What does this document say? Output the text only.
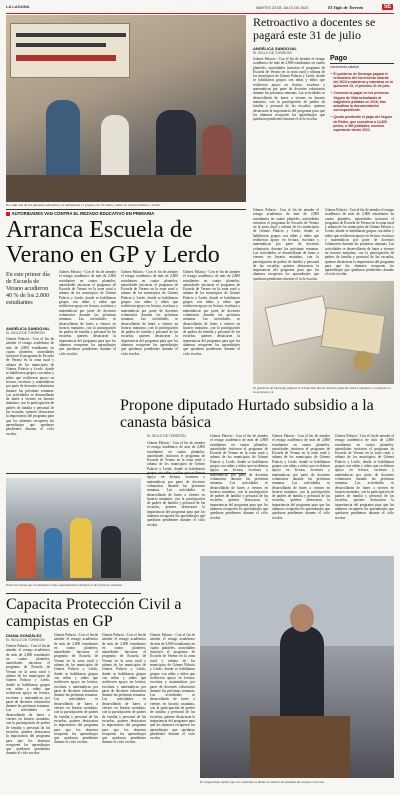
LA LAGUNA	MARTES 23 DE JULIO DE 2024	El Siglo de Torreón	5E
En cada una de los planteles educativos se habilitaron 11 grupos con 30 niñas y niños en Gómez Palacio y Lerdo.
Retroactivo a docentes se pagará este 31 de julio
ANGÉLICA SANDOVAL
EL SIGLO DE TORREÓN
Gómez Palacio.- Con el fin de atender el rezago académico de más de 2,800 estudiantes en cuatro planteles, autoridades iniciaron el programa de Escuela de Verano en la zona rural y urbana de los municipios de Gómez Palacio y Lerdo, donde se habilitaron grupos con niñas y niños que recibieron apoyo en lectura, escritura y matemáticas por parte de docentes voluntarios durante las próximas semanas. Las actividades se desarrollarán de lunes a viernes en horario matutino, con la participación de padres de familia y personal de las escuelas, quienes destacaron la importancia del programa para que los alumnos recuperen los aprendizajes que quedaron pendientes durante el ciclo escolar.
Pago
Incremento salarial
• El gobierno de Durango pagará el retroactivo del incremento salarial del 2024 a maestros y maestras en la quincena 15, el próximo 31 de julio.
• Comenzó la pagar en los primeros Seguro de Vida actualizado al magisterio jubilado en 2016, tras actualizar la documentación correspondiente.
• Quedo pendiente el pago del Seguro de Retiro, que considera a 14,300 pesos, a 460 jubilados, muchos esperando desde 2021.
AUTORIDADES VAN CONTRA EL REZAGO EDUCATIVO EN PRIMARIA
Arranca Escuela de Verano en GP y Lerdo
En este primer día de Escuela de Verano acudieron 40 % de los 2.800 estudiantes
ANGÉLICA SANDOVAL
EL SIGLO DE TORREÓN
Gómez Palacio.- Con el fin de atender el rezago académico de más de 2,800 estudiantes en cuatro planteles, autoridades iniciaron el programa de Escuela de Verano en la zona rural y urbana de los municipios de Gómez Palacio y Lerdo, donde se habilitaron grupos con niñas y niños que recibieron apoyo en lectura, escritura y matemáticas por parte de docentes voluntarios durante las próximas semanas. Las actividades se desarrollarán de lunes a viernes en horario matutino, con la participación de padres de familia y personal de las escuelas, quienes destacaron la importancia del programa para que los alumnos recuperen los aprendizajes que quedaron pendientes durante el ciclo escolar.
Gómez Palacio.- Con el fin de atender el rezago académico de más de 2,800 estudiantes en cuatro planteles, autoridades iniciaron el programa de Escuela de Verano en la zona rural y urbana de los municipios de Gómez Palacio y Lerdo, donde se habilitaron grupos con niñas y niños que recibieron apoyo en lectura, escritura y matemáticas por parte de docentes voluntarios durante las próximas semanas. Las actividades se desarrollarán de lunes a viernes en horario matutino, con la participación de padres de familia y personal de las escuelas, quienes destacaron la importancia del programa para que los alumnos recuperen los aprendizajes que quedaron pendientes durante el ciclo escolar.
Gómez Palacio.- Con el fin de atender el rezago académico de más de 2,800 estudiantes en cuatro planteles, autoridades iniciaron el programa de Escuela de Verano en la zona rural y urbana de los municipios de Gómez Palacio y Lerdo, donde se habilitaron grupos con niñas y niños que recibieron apoyo en lectura, escritura y matemáticas por parte de docentes voluntarios durante las próximas semanas. Las actividades se desarrollarán de lunes a viernes en horario matutino, con la participación de padres de familia y personal de las escuelas, quienes destacaron la importancia del programa para que los alumnos recuperen los aprendizajes que quedaron pendientes durante el ciclo escolar.
Gómez Palacio.- Con el fin de atender el rezago académico de más de 2,800 estudiantes en cuatro planteles, autoridades iniciaron el programa de Escuela de Verano en la zona rural y urbana de los municipios de Gómez Palacio y Lerdo, donde se habilitaron grupos con niñas y niños que recibieron apoyo en lectura, escritura y matemáticas por parte de docentes voluntarios durante las próximas semanas. Las actividades se desarrollarán de lunes a viernes en horario matutino, con la participación de padres de familia y personal de las escuelas, quienes destacaron la importancia del programa para que los alumnos recuperen los aprendizajes que quedaron pendientes durante el ciclo escolar.
Gómez Palacio.- Con el fin de atender el rezago académico de más de 2,800 estudiantes en cuatro planteles, autoridades iniciaron el programa de Escuela de Verano en la zona rural y urbana de los municipios de Gómez Palacio y Lerdo, donde se habilitaron grupos con niñas y niños que recibieron apoyo en lectura, escritura y matemáticas por parte de docentes voluntarios durante las próximas semanas. Las actividades se desarrollarán de lunes a viernes en horario matutino, con la participación de padres de familia y personal de las escuelas, quienes destacaron la importancia del programa para que los alumnos recuperen los aprendizajes que quedaron pendientes durante el ciclo escolar.
Gómez Palacio.- Con el fin de atender el rezago académico de más de 2,800 estudiantes en cuatro planteles, autoridades iniciaron el programa de Escuela de Verano en la zona rural y urbana de los municipios de Gómez Palacio y Lerdo, donde se habilitaron grupos con niñas y niños que recibieron apoyo en lectura, escritura y matemáticas por parte de docentes voluntarios durante las próximas semanas. Las actividades se desarrollarán de lunes a viernes en horario matutino, con la participación de padres de familia y personal de las escuelas, quienes destacaron la importancia del programa para que los alumnos recuperen los aprendizajes que quedaron pendientes durante el ciclo escolar.
El gobierno de Durango pagará el retroactivo del incremento salarial 2024 a maestros y maestras en la quincena 14.
Propone diputado Hurtado subsidio a la canasta básica
EL SIGLO DE TORREÓN
Gómez Palacio.- Con el fin de atender el rezago académico de más de 2,800 estudiantes en cuatro planteles, autoridades iniciaron el programa de Escuela de Verano en la zona rural y urbana de los municipios de Gómez Palacio y Lerdo, donde se habilitaron grupos con niñas y niños que recibieron apoyo en lectura, escritura y matemáticas por parte de docentes voluntarios durante las próximas semanas. Las actividades se desarrollarán de lunes a viernes en horario matutino, con la participación de padres de familia y personal de las escuelas, quienes destacaron la importancia del programa para que los alumnos recuperen los aprendizajes que quedaron pendientes durante el ciclo escolar.
Gómez Palacio.- Con el fin de atender el rezago académico de más de 2,800 estudiantes en cuatro planteles, autoridades iniciaron el programa de Escuela de Verano en la zona rural y urbana de los municipios de Gómez Palacio y Lerdo, donde se habilitaron grupos con niñas y niños que recibieron apoyo en lectura, escritura y matemáticas por parte de docentes voluntarios durante las próximas semanas. Las actividades se desarrollarán de lunes a viernes en horario matutino, con la participación de padres de familia y personal de las escuelas, quienes destacaron la importancia del programa para que los alumnos recuperen los aprendizajes que quedaron pendientes durante el ciclo escolar.
Gómez Palacio.- Con el fin de atender el rezago académico de más de 2,800 estudiantes en cuatro planteles, autoridades iniciaron el programa de Escuela de Verano en la zona rural y urbana de los municipios de Gómez Palacio y Lerdo, donde se habilitaron grupos con niñas y niños que recibieron apoyo en lectura, escritura y matemáticas por parte de docentes voluntarios durante las próximas semanas. Las actividades se desarrollarán de lunes a viernes en horario matutino, con la participación de padres de familia y personal de las escuelas, quienes destacaron la importancia del programa para que los alumnos recuperen los aprendizajes que quedaron pendientes durante el ciclo escolar.
Gómez Palacio.- Con el fin de atender el rezago académico de más de 2,800 estudiantes en cuatro planteles, autoridades iniciaron el programa de Escuela de Verano en la zona rural y urbana de los municipios de Gómez Palacio y Lerdo, donde se habilitaron grupos con niñas y niños que recibieron apoyo en lectura, escritura y matemáticas por parte de docentes voluntarios durante las próximas semanas. Las actividades se desarrollarán de lunes a viernes en horario matutino, con la participación de padres de familia y personal de las escuelas, quienes destacaron la importancia del programa para que los alumnos recuperen los aprendizajes que quedaron pendientes durante el ciclo escolar.
Entre los temas que se abordan en las capacitaciones destaca el de primeros auxilios.
Capacita Protección Civil a campistas en GP
DIANA GONZÁLEZ
EL SIGLO DE TORREÓN
Gómez Palacio.- Con el fin de atender el rezago académico de más de 2,800 estudiantes en cuatro planteles, autoridades iniciaron el programa de Escuela de Verano en la zona rural y urbana de los municipios de Gómez Palacio y Lerdo, donde se habilitaron grupos con niñas y niños que recibieron apoyo en lectura, escritura y matemáticas por parte de docentes voluntarios durante las próximas semanas. Las actividades se desarrollarán de lunes a viernes en horario matutino, con la participación de padres de familia y personal de las escuelas, quienes destacaron la importancia del programa para que los alumnos recuperen los aprendizajes que quedaron pendientes durante el ciclo escolar.
Gómez Palacio.- Con el fin de atender el rezago académico de más de 2,800 estudiantes en cuatro planteles, autoridades iniciaron el programa de Escuela de Verano en la zona rural y urbana de los municipios de Gómez Palacio y Lerdo, donde se habilitaron grupos con niñas y niños que recibieron apoyo en lectura, escritura y matemáticas por parte de docentes voluntarios durante las próximas semanas. Las actividades se desarrollarán de lunes a viernes en horario matutino, con la participación de padres de familia y personal de las escuelas, quienes destacaron la importancia del programa para que los alumnos recuperen los aprendizajes que quedaron pendientes durante el ciclo escolar.
Gómez Palacio.- Con el fin de atender el rezago académico de más de 2,800 estudiantes en cuatro planteles, autoridades iniciaron el programa de Escuela de Verano en la zona rural y urbana de los municipios de Gómez Palacio y Lerdo, donde se habilitaron grupos con niñas y niños que recibieron apoyo en lectura, escritura y matemáticas por parte de docentes voluntarios durante las próximas semanas. Las actividades se desarrollarán de lunes a viernes en horario matutino, con la participación de padres de familia y personal de las escuelas, quienes destacaron la importancia del programa para que los alumnos recuperen los aprendizajes que quedaron pendientes durante el ciclo escolar.
Gómez Palacio.- Con el fin de atender el rezago académico de más de 2,800 estudiantes en cuatro planteles, autoridades iniciaron el programa de Escuela de Verano en la zona rural y urbana de los municipios de Gómez Palacio y Lerdo, donde se habilitaron grupos con niñas y niños que recibieron apoyo en lectura, escritura y matemáticas por parte de docentes voluntarios durante las próximas semanas. Las actividades se desarrollarán de lunes a viernes en horario matutino, con la participación de padres de familia y personal de las escuelas, quienes destacaron la importancia del programa para que los alumnos recuperen los aprendizajes que quedaron pendientes durante el ciclo escolar.
El congresista explicó que en Coahuila es dirían el número de familias de escasos recursos.
